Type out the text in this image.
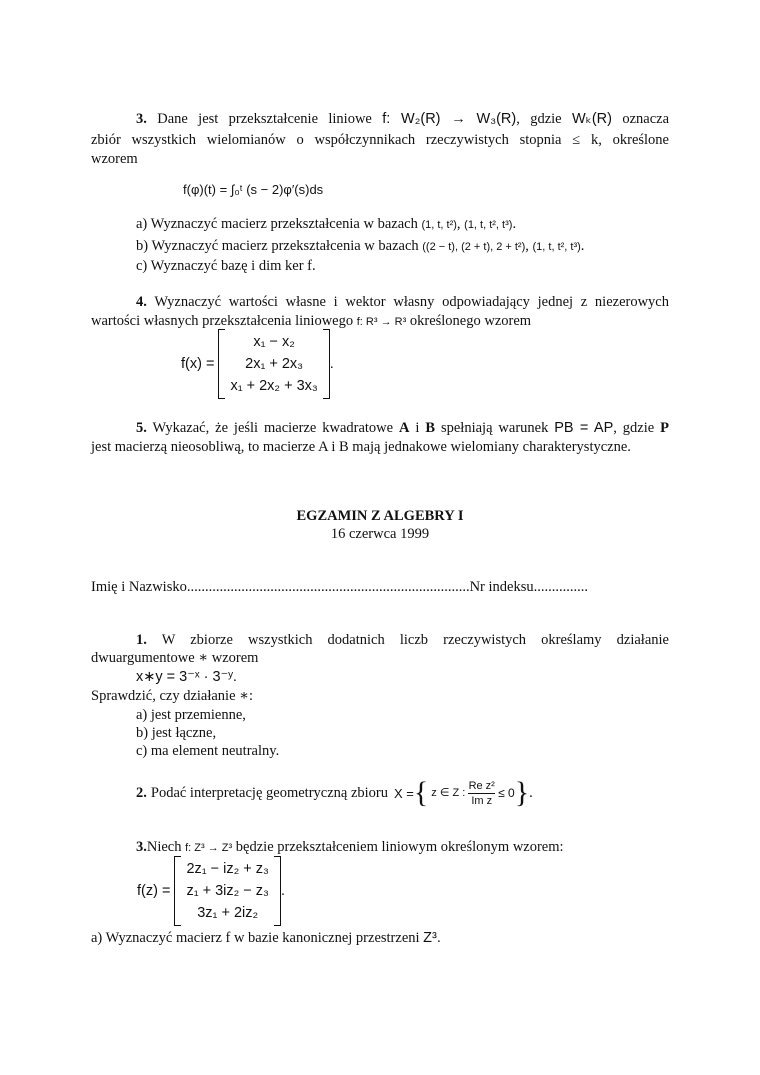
3. Dane jest przekształcenie liniowe f: W₂(R) → W₃(R), gdzie Wₖ(R) oznacza
zbiór wszystkich wielomianów o współczynnikach rzeczywistych stopnia ≤ k, określone
wzorem
f(φ)(t) = ∫₀ᵗ (s − 2)φ′(s)ds
a) Wyznaczyć macierz przekształcenia w bazach (1, t, t²), (1, t, t², t³).
b) Wyznaczyć macierz przekształcenia w bazach ((2 − t), (2 + t), 2 + t²), (1, t, t², t³).
c) Wyznaczyć bazę i dim ker f.
4. Wyznaczyć wartości własne i wektor własny odpowiadający jednej z niezerowych
wartości własnych przekształcenia liniowego f: R³ → R³ określonego wzorem
f(x) =
x₁ − x₂
2x₁ + 2x₃
x₁ + 2x₂ + 3x₃
.
5. Wykazać, że jeśli macierze kwadratowe A i B spełniają warunek PB = AP, gdzie P
jest macierzą nieosobliwą, to macierze A i B mają jednakowe wielomiany charakterystyczne.
EGZAMIN Z ALGEBRY I
16 czerwca 1999
Imię i Nazwisko..............................................................................Nr indeksu...............
1. W zbiorze wszystkich dodatnich liczb rzeczywistych określamy działanie
dwuargumentowe ∗ wzorem
x∗y = 3⁻ˣ · 3⁻ʸ.
Sprawdzić, czy działanie ∗:
a) jest przemienne,
b) jest łączne,
c) ma element neutralny.
2. Podać interpretację geometryczną zbioru X = { z ∈ Z : $\frac{\text{Re z²}}{\text{Im z}} \le 0$ } .
3.Niech f: Z³ → Z³ będzie przekształceniem liniowym określonym wzorem:
f(z) =
2z₁ − iz₂ + z₃
z₁ + 3iz₂ − z₃
3z₁ + 2iz₂
.
a) Wyznaczyć macierz f w bazie kanonicznej przestrzeni Z³.
